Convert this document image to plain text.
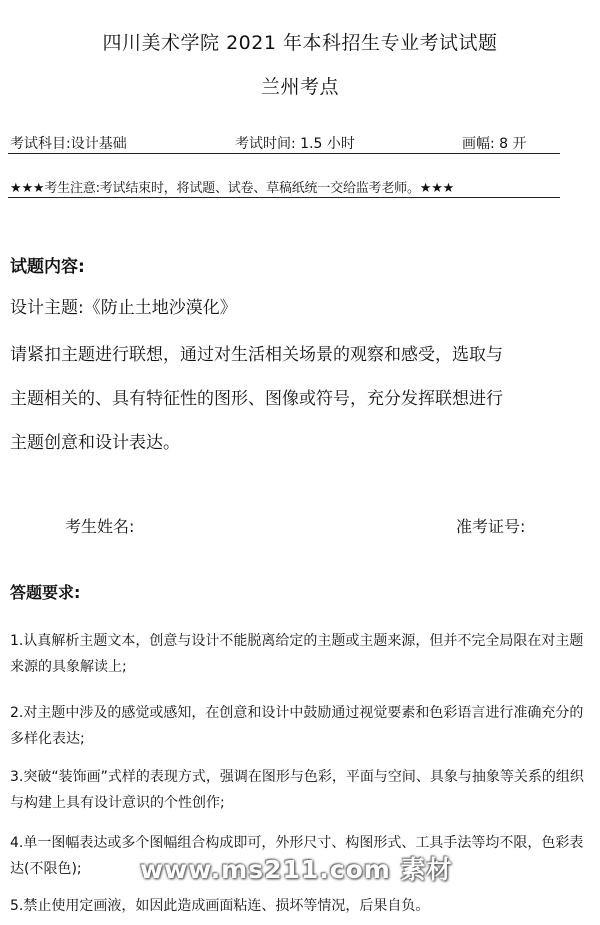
四川美术学院 2021 年本科招生专业考试试题
兰州考点
考试科目:设计基础	考试时间: 1.5 小时	画幅: 8 开
★★★考生注意:考试结束时，将试题、试卷、草稿纸统一交给监考老师。★★★
试题内容:
设计主题:《防止土地沙漠化》
请紧扣主题进行联想，通过对生活相关场景的观察和感受，选取与
主题相关的、具有特征性的图形、图像或符号，充分发挥联想进行
主题创意和设计表达。
考生姓名:	准考证号:
答题要求:
1.认真解析主题文本，创意与设计不能脱离给定的主题或主题来源，但并不完全局限在对主题来源的具象解读上;
2.对主题中涉及的感觉或感知，在创意和设计中鼓励通过视觉要素和色彩语言进行准确充分的多样化表达;
3.突破“装饰画”式样的表现方式，强调在图形与色彩，平面与空间、具象与抽象等关系的组织与构建上具有设计意识的个性创作;
4.单一图幅表达或多个图幅组合构成即可，外形尺寸、构图形式、工具手法等均不限，色彩表达(不限色);
5.禁止使用定画液，如因此造成画面粘连、损坏等情况，后果自负。
www.ms211.com 素材
